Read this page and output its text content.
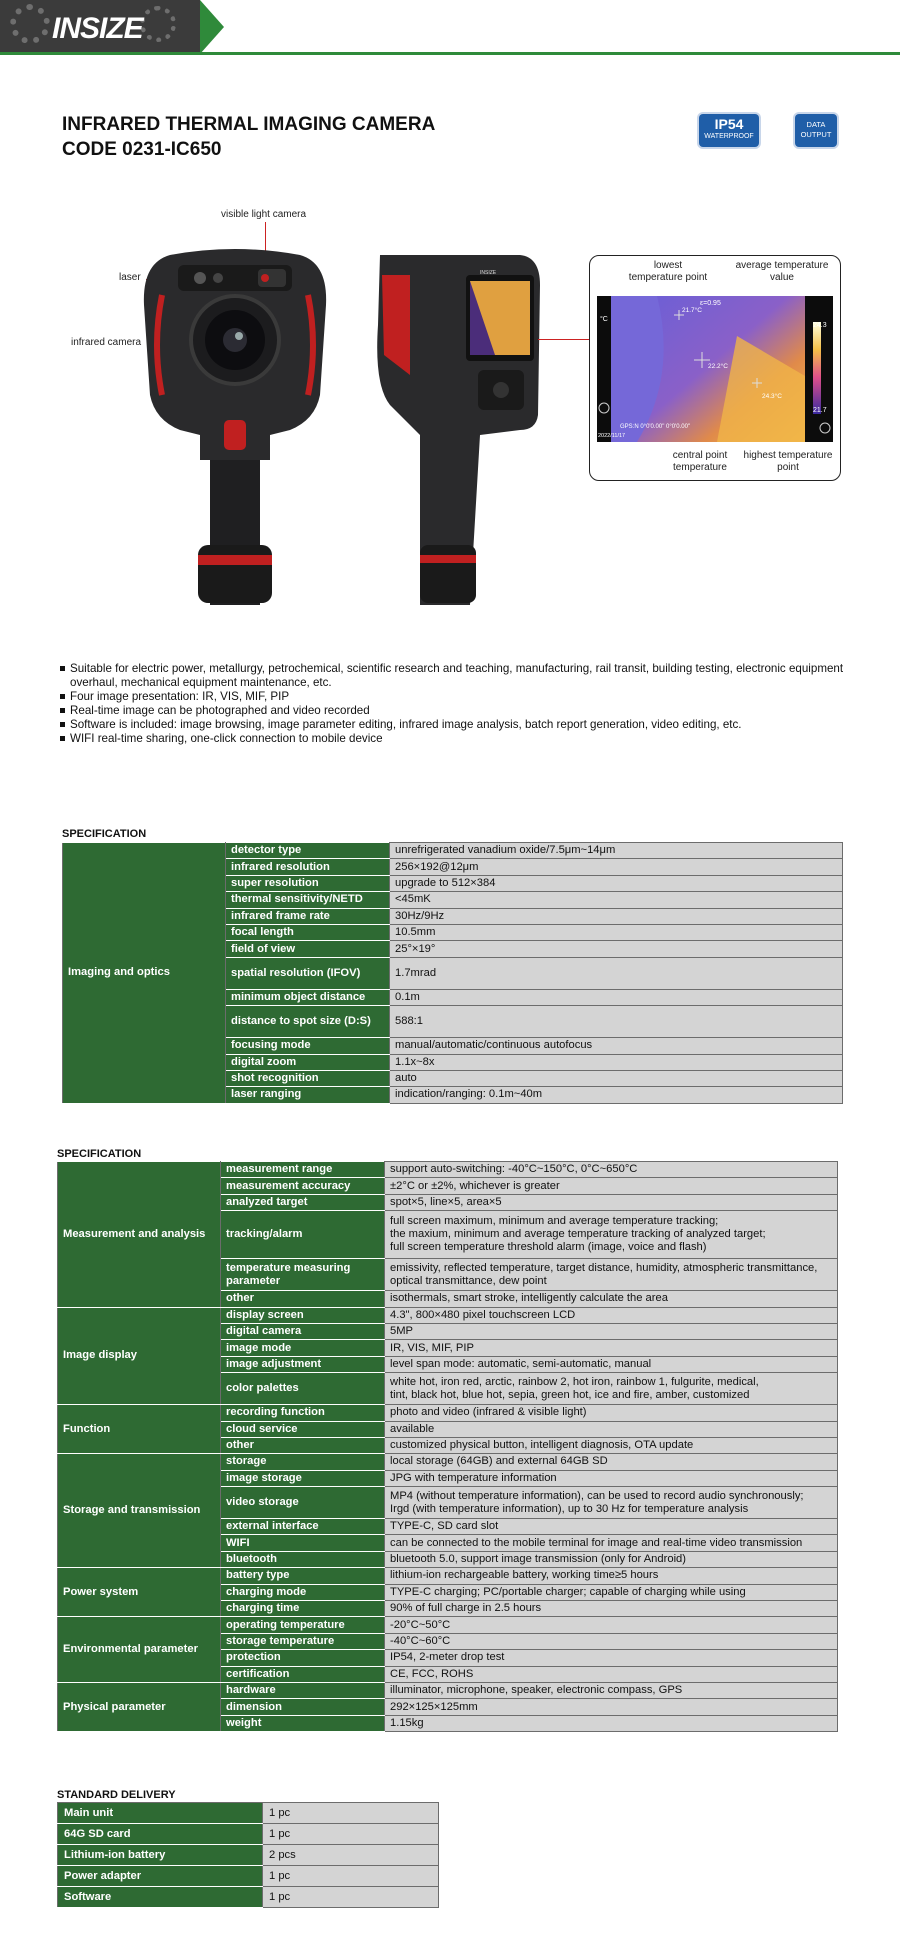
INSIZE
INFRARED THERMAL IMAGING CAMERA
CODE 0231-IC650
IP54
WATERPROOF
DATA
OUTPUT
visible light camera
laser
infrared camera
lowest temperature point
average temperature value
central point temperature
highest temperature point
ε=0.95
24.3
21.7
°C
21.7°C
22.2°C
24.3°C
GPS:N 0°0'0.00" 0°0'0.00"
2022/11/17
INSIZE
Suitable for electric power, metallurgy, petrochemical, scientific research and teaching, manufacturing, rail transit, building testing, electronic equipment overhaul, mechanical equipment maintenance, etc.
Four image presentation: IR, VIS, MIF, PIP
Real-time image can be photographed and video recorded
Software is included: image browsing, image parameter editing, infrared image analysis, batch report generation, video editing, etc.
WIFI real-time sharing, one-click connection to mobile device
SPECIFICATION
Imaging and optics	detector type	unrefrigerated vanadium oxide/7.5μm~14μm
	infrared resolution	256×192@12μm
	super resolution	upgrade to 512×384
	thermal sensitivity/NETD	<45mK
	infrared frame rate	30Hz/9Hz
	focal length	10.5mm
	field of view	25°×19°
	spatial resolution (IFOV)	1.7mrad
	minimum object distance	0.1m
	distance to spot size (D:S)	588:1
	focusing mode	manual/automatic/continuous autofocus
	digital zoom	1.1x~8x
	shot recognition	auto
	laser ranging	indication/ranging: 0.1m~40m
SPECIFICATION
Measurement and analysis	measurement range	support auto-switching: -40°C~150°C, 0°C~650°C
	measurement accuracy	±2°C or ±2%, whichever is greater
	analyzed target	spot×5, line×5, area×5
	tracking/alarm	full screen maximum, minimum and average temperature tracking;
the maxium, minimum and average temperature tracking of analyzed target;
full screen temperature threshold alarm (image, voice and flash)
	temperature measuring parameter	emissivity, reflected temperature, target distance, humidity, atmospheric transmittance, optical transmittance, dew point
	other	isothermals, smart stroke, intelligently calculate the area
Image display	display screen	4.3", 800×480 pixel touchscreen LCD
	digital camera	5MP
	image mode	IR, VIS, MIF, PIP
	image adjustment	level span mode: automatic, semi-automatic, manual
	color palettes	white hot, iron red, arctic, rainbow 2, hot iron, rainbow 1, fulgurite, medical,
tint, black hot, blue hot, sepia, green hot, ice and fire, amber, customized
Function	recording function	photo and video (infrared & visible light)
	cloud service	available
	other	customized physical button, intelligent diagnosis, OTA update
Storage and transmission	storage	local storage (64GB) and external 64GB SD
	image storage	JPG with temperature information
	video storage	MP4 (without temperature information), can be used to record audio synchronously;
Irgd (with temperature information), up to 30 Hz for temperature analysis
	external interface	TYPE-C, SD card slot
	WIFI	can be connected to the mobile terminal for image and real-time video transmission
	bluetooth	bluetooth 5.0, support image transmission (only for Android)
Power system	battery type	lithium-ion rechargeable battery, working time≥5 hours
	charging mode	TYPE-C charging; PC/portable charger; capable of charging while using
	charging time	90% of full charge in 2.5 hours
Environmental parameter	operating temperature	-20°C~50°C
	storage temperature	-40°C~60°C
	protection	IP54, 2-meter drop test
	certification	CE, FCC, ROHS
Physical parameter	hardware	illuminator, microphone, speaker, electronic compass, GPS
	dimension	292×125×125mm
	weight	1.15kg
STANDARD DELIVERY
Main unit	1 pc
64G SD card	1 pc
Lithium-ion battery	2 pcs
Power adapter	1 pc
Software	1 pc
